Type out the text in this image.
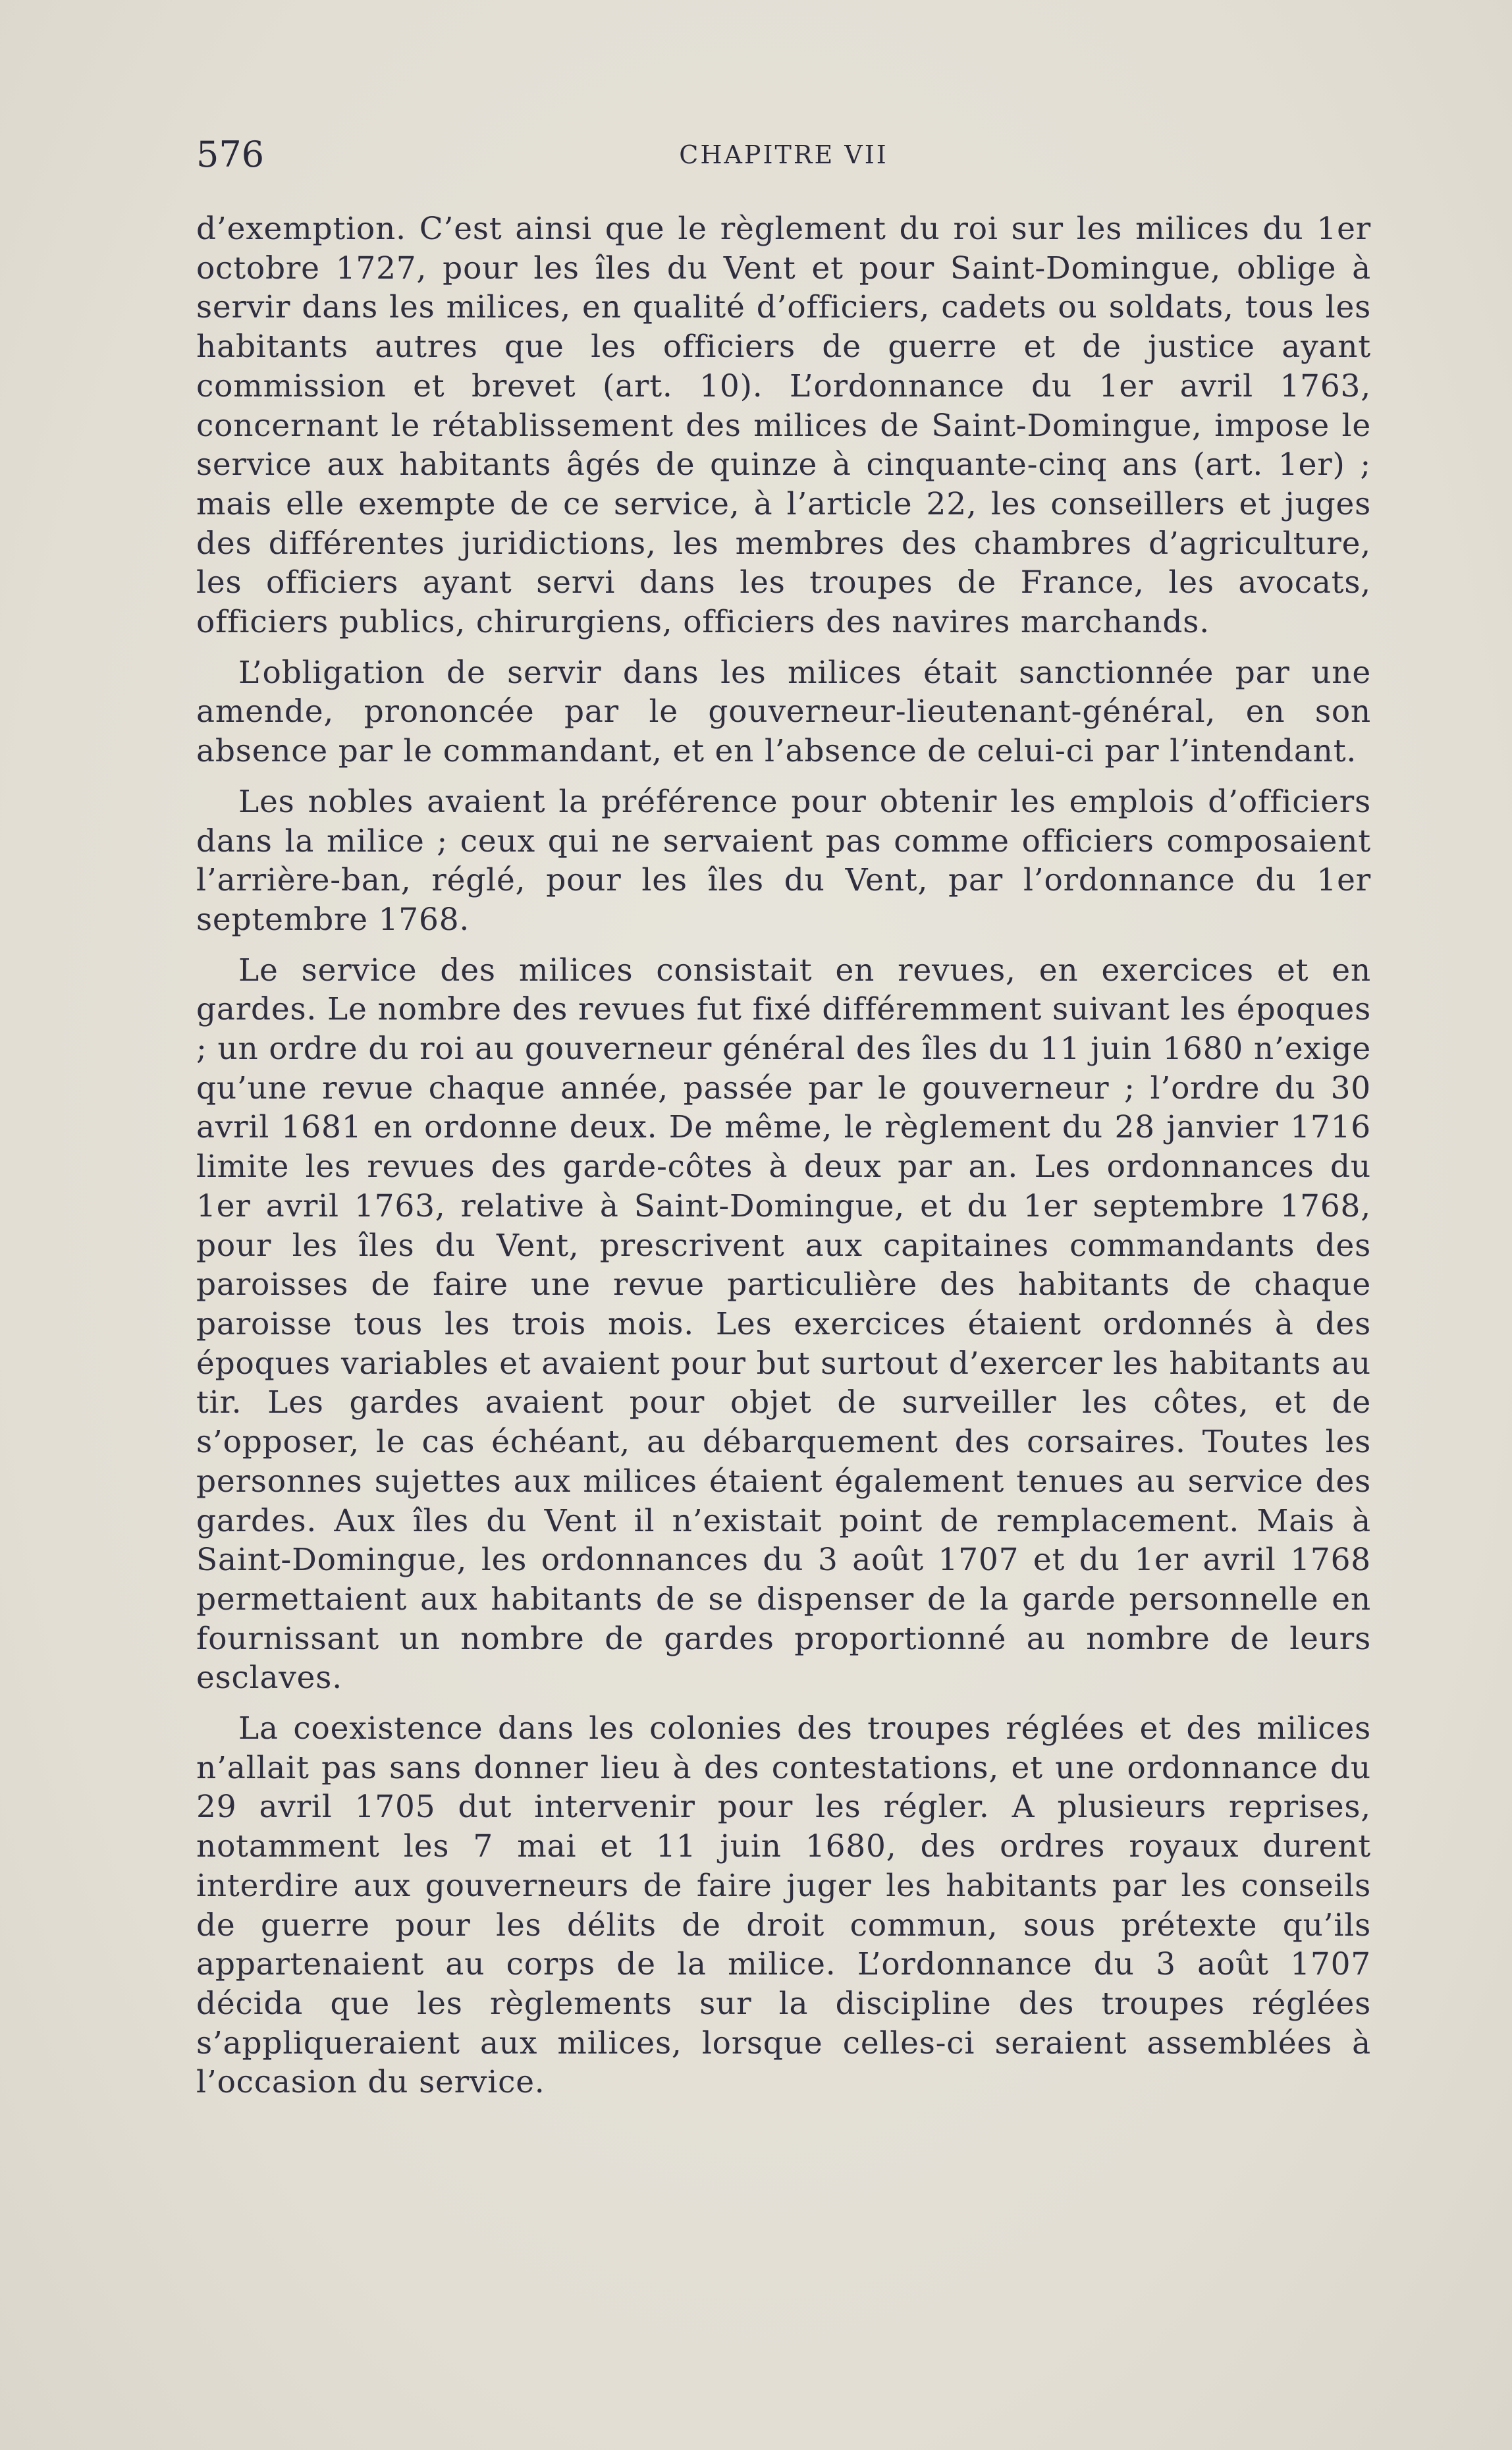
576	CHAPITRE VII

d’exemption. C’est ainsi que le règlement du roi sur les milices du 1er octobre 1727, pour les îles du Vent et pour Saint-Domingue, oblige à servir dans les milices, en qualité d’officiers, cadets ou soldats, tous les habitants autres que les officiers de guerre et de justice ayant commission et brevet (art. 10). L’ordonnance du 1er avril 1763, concernant le rétablissement des milices de Saint-Domingue, impose le service aux habitants âgés de quinze à cinquante-cinq ans (art. 1er) ; mais elle exempte de ce service, à l’article 22, les conseillers et juges des différentes juridictions, les membres des chambres d’agriculture, les officiers ayant servi dans les troupes de France, les avocats, officiers publics, chirurgiens, officiers des navires marchands.

L’obligation de servir dans les milices était sanctionnée par une amende, prononcée par le gouverneur-lieutenant-général, en son absence par le commandant, et en l’absence de celui-ci par l’intendant.

Les nobles avaient la préférence pour obtenir les emplois d’officiers dans la milice ; ceux qui ne servaient pas comme officiers composaient l’arrière-ban, réglé, pour les îles du Vent, par l’ordonnance du 1er septembre 1768.

Le service des milices consistait en revues, en exercices et en gardes. Le nombre des revues fut fixé différemment suivant les époques ; un ordre du roi au gouverneur général des îles du 11 juin 1680 n’exige qu’une revue chaque année, passée par le gouverneur ; l’ordre du 30 avril 1681 en ordonne deux. De même, le règlement du 28 janvier 1716 limite les revues des garde-côtes à deux par an. Les ordonnances du 1er avril 1763, relative à Saint-Domingue, et du 1er septembre 1768, pour les îles du Vent, prescrivent aux capitaines commandants des paroisses de faire une revue particulière des habitants de chaque paroisse tous les trois mois. Les exercices étaient ordonnés à des époques variables et avaient pour but surtout d’exercer les habitants au tir. Les gardes avaient pour objet de surveiller les côtes, et de s’opposer, le cas échéant, au débarquement des corsaires. Toutes les personnes sujettes aux milices étaient également tenues au service des gardes. Aux îles du Vent il n’existait point de remplacement. Mais à Saint-Domingue, les ordonnances du 3 août 1707 et du 1er avril 1768 permettaient aux habitants de se dispenser de la garde personnelle en fournissant un nombre de gardes proportionné au nombre de leurs esclaves.

La coexistence dans les colonies des troupes réglées et des milices n’allait pas sans donner lieu à des contestations, et une ordonnance du 29 avril 1705 dut intervenir pour les régler. A plusieurs reprises, notamment les 7 mai et 11 juin 1680, des ordres royaux durent interdire aux gouverneurs de faire juger les habitants par les conseils de guerre pour les délits de droit commun, sous prétexte qu’ils appartenaient au corps de la milice. L’ordonnance du 3 août 1707 décida que les règlements sur la discipline des troupes réglées s’appliqueraient aux milices, lorsque celles-ci seraient assemblées à l’occasion du service.
